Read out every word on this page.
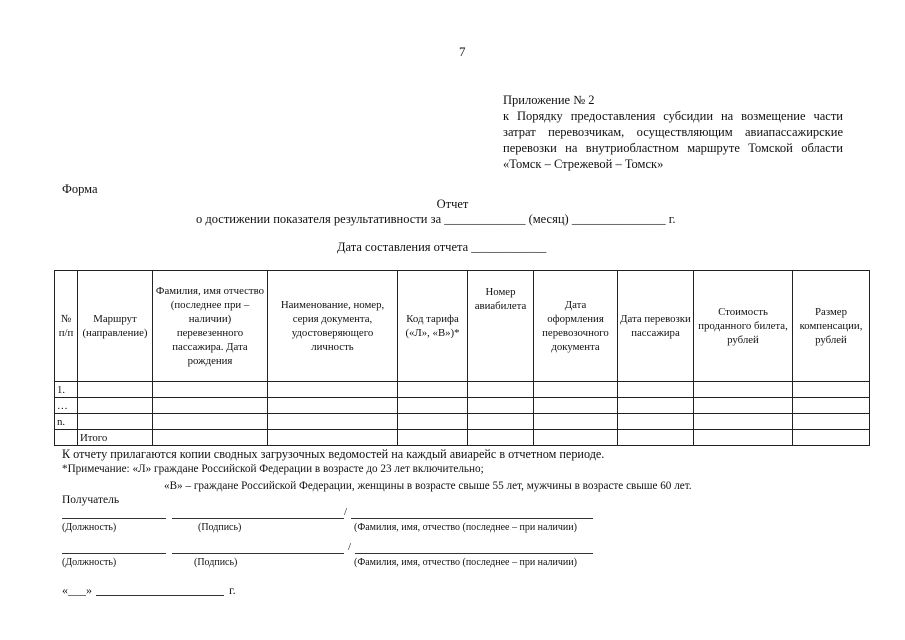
7
Приложение № 2
к Порядку предоставления субсидии на возмещение части
затрат перевозчикам, осуществляющим авиапассажирские
перевозки на внутриобластном маршруте Томской области
«Томск – Стрежевой – Томск»
Форма
Отчет
о достижении показателя результативности за _____________ (месяц) _______________ г.
Дата составления отчета ____________
№ п/п	Маршрут (направление)	Фамилия, имя отчество (последнее при – наличии) перевезенного пассажира. Дата рождения	Наименование, номер, серия документа, удостоверяющего личность	Код тарифа («Л», «В»)*	Номер авиабилета	Дата оформления перевозочного документа	Дата перевозки пассажира	Стоимость проданного билета, рублей	Размер компенсации, рублей
1.									
…									
n.									
	Итого								
К отчету прилагаются копии сводных загрузочных ведомостей на каждый авиарейс в отчетном периоде.
*Примечание: «Л» граждане Российской Федерации в возрасте до 23 лет включительно;
«В» – граждане Российской Федерации, женщины в возрасте свыше 55 лет, мужчины в возрасте свыше 60 лет.
Получатель
/
(Должность)	(Подпись)	(Фамилия, имя, отчество (последнее – при наличии)
/
(Должность)	(Подпись)	(Фамилия, имя, отчество (последнее – при наличии)
«___»	г.
